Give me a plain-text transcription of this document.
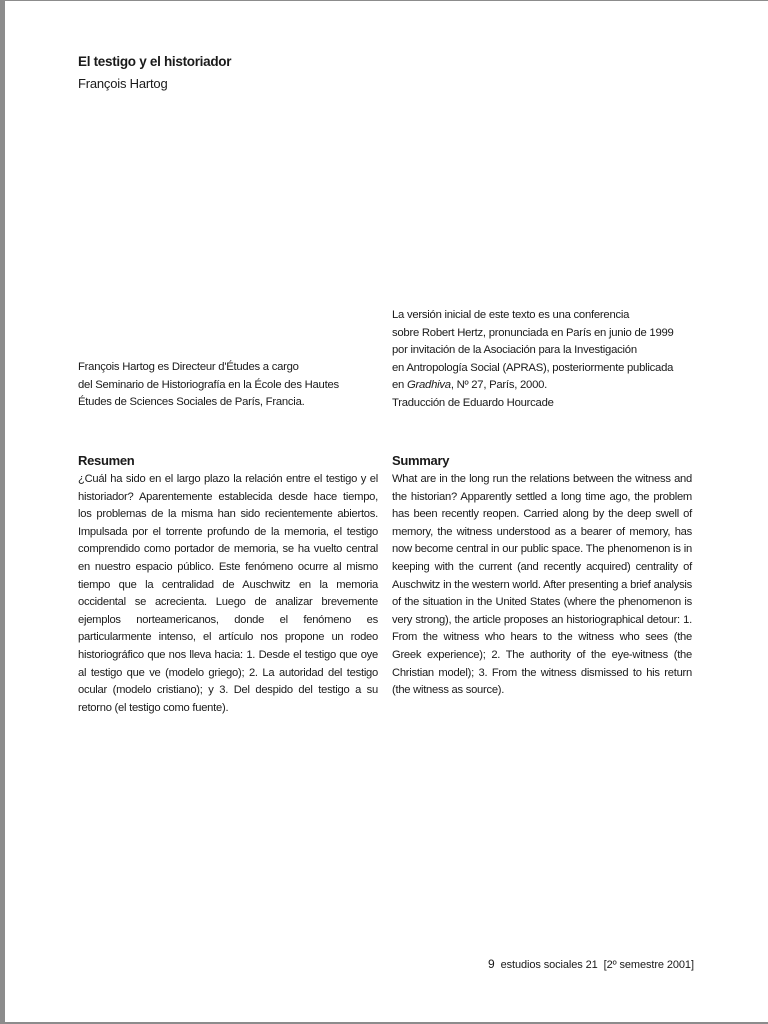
El testigo y el historiador
François Hartog

La versión inicial de este texto es una conferencia

sobre Robert Hertz, pronunciada en París en junio de 1999

por invitación de la Asociación para la Investigación

en Antropología Social (APRAS), posteriormente publicada

en Gradhiva, Nº 27, París, 2000.

Traducción de Eduardo Hourcade

François Hartog es Directeur d'Études a cargo

del Seminario de Historiografía en la École des Hautes

Études de Sciences Sociales de París, Francia.

Resumen

¿Cuál ha sido en el largo plazo la relación entre el testigo y el historiador? Aparentemente establecida desde hace tiempo, los problemas de la misma han sido recientemente abiertos. Impulsada por el torrente profundo de la memoria, el testigo comprendido como portador de memoria, se ha vuelto central en nuestro espacio público. Este fenómeno ocurre al mismo tiempo que la centralidad de Auschwitz en la memoria occidental se acrecienta. Luego de analizar brevemente ejemplos norteamericanos, donde el fenómeno es particularmente intenso, el artículo nos propone un rodeo historiográfico que nos lleva hacia: 1. Desde el testigo que oye al testigo que ve (modelo griego); 2. La autoridad del testigo ocular (modelo cristiano); y 3. Del despido del testigo a su retorno (el testigo como fuente).

Summary

What are in the long run the relations between the witness and the historian? Apparently settled a long time ago, the problem has been recently reopen. Carried along by the deep swell of memory, the witness understood as a bearer of memory, has now become central in our public space. The phenomenon is in keeping with the current (and recently acquired) centrality of Auschwitz in the western world. After presenting a brief analysis of the situation in the United States (where the phenomenon is very strong), the article proposes an historiographical detour: 1. From the witness who hears to the witness who sees (the Greek experience); 2. The authority of the eye-witness (the Christian model); 3. From the witness dismissed to his return (the witness as source).

9 estudios sociales 21 [2º semestre 2001]
